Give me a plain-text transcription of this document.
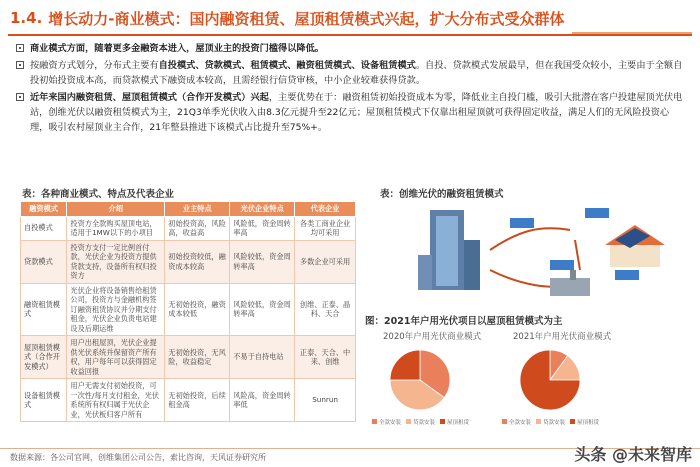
1.4. 增长动力-商业模式：国内融资租赁、屋顶租赁模式兴起，扩大分布式受众群体
商业模式方面，随着更多金融资本进入，屋顶业主的投资门槛得以降低。
按融资方式划分，分布式主要有自投模式、贷款模式、租赁模式、融资租赁模式、设备租赁模式。自投、贷款模式发展最早，但在我国受众较小，主要由于全额自投初始投资成本高，而贷款模式下融资成本较高，且需经银行信贷审核，中小企业较难获得贷款。
近年来国内融资租赁、屋顶租赁模式（合作开发模式）兴起，主要优势在于：融资租赁初始投资成本为零，降低业主自投门槛，吸引大批潜在客户投建屋顶光伏电站，创维光伏以融资租赁模式为主，21Q3单季光伏收入由8.3亿元提升至22亿元；屋顶租赁模式下仅靠出租屋顶就可获得固定收益，满足人们的无风险投资心理，吸引农村屋顶业主合作，21年整县推进下该模式占比提升至75%+。
表：各种商业模式、特点及代表企业
融资模式	介绍	业主特点	光伏企业特点	代表企业
自投模式	投资方全款购买屋顶电站，适用于1MW以下的小项目	初始投资高，风险高，收益高	风险低，资金周转率高	各类工商业企业均可采用
贷款模式	投资方支付一定比例首付款，光伏企业为投资方提供贷款支持，设备所有权归投资方	初始投资较低，融资成本较高	风险较低，资金周转率高	多数企业可采用
融资租赁模式	光伏企业将设备销售给租赁公司，投资方与金融机构签订融资租赁协议并分期支付租金，光伏企业负责电站建设及后期运维	无初始投资，融资成本较低	风险较低，资金周转率高	创维、正泰、晶科、天合
屋顶租赁模式（合作开发模式）	用户出租屋顶，光伏企业提供光伏系统并保留资产所有权，用户每年可以获得固定收益回报	无初始投资，无风险，收益稳定	不易于自持电站	正泰、天合、中来、创维
设备租赁模式	用户无需支付初始投资，可一次性/每月支付租金，光伏系统所有权归属于光伏企业，光伏板归客户所有	无初始投资，后续租金高	风险高，资金周转率低	Sunrun
表：创维光伏的融资租赁模式
图：2021年户用光伏项目以屋顶租赁模式为主
2020年户用光伏商业模式	2021年户用光伏商业模式
全款安装 贷款安装 屋顶租赁	全款安装 贷款安装 屋顶租赁
数据来源：各公司官网，创维集团公司公告，索比咨询，天风证券研究所	头条 @未来智库
